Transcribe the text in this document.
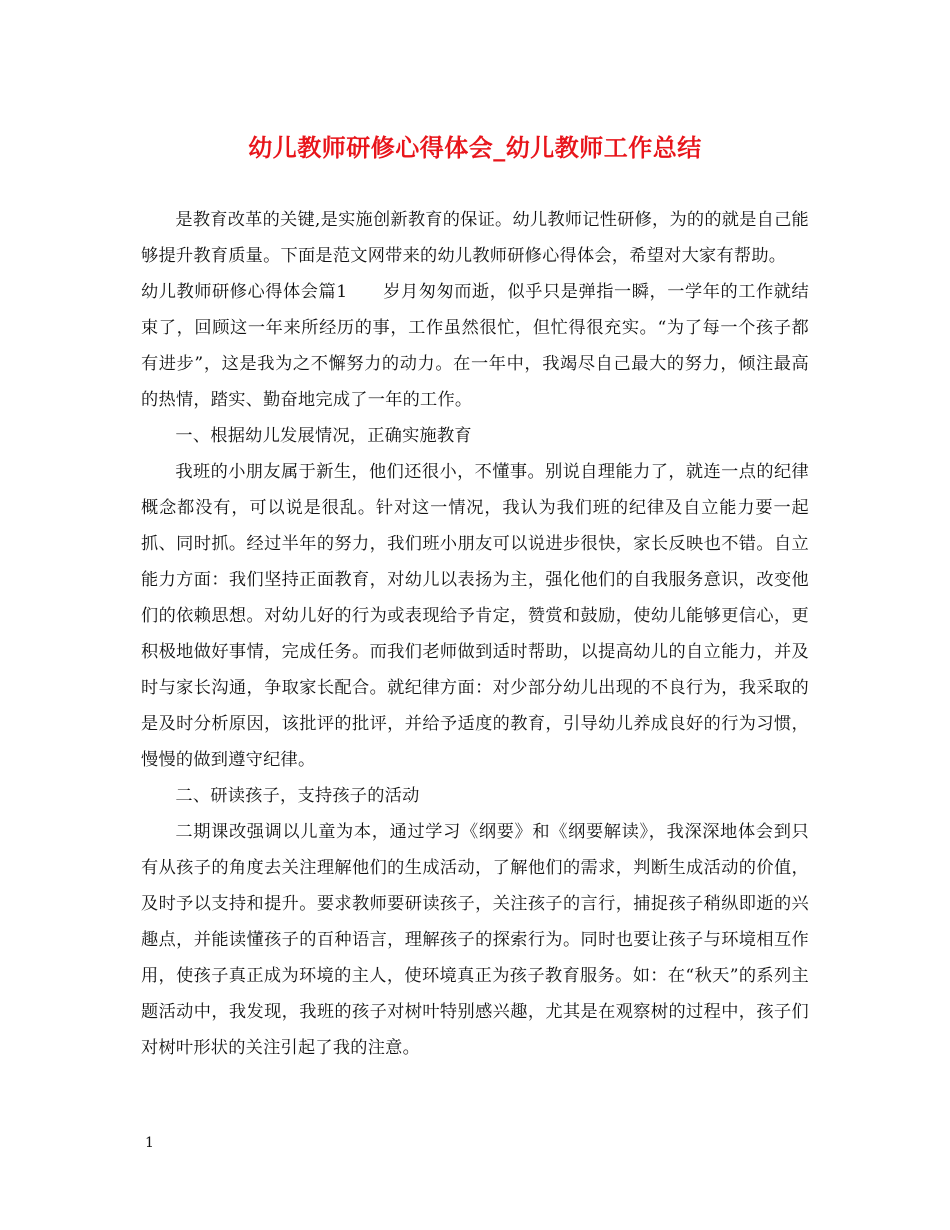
幼儿教师研修心得体会_幼儿教师工作总结

是教育改革的关键,是实施创新教育的保证。幼儿教师记性研修，为的的就是自己能够提升教育质量。下面是范文网带来的幼儿教师研修心得体会，希望对大家有帮助。

幼儿教师研修心得体会篇1　　岁月匆匆而逝，似乎只是弹指一瞬，一学年的工作就结束了，回顾这一年来所经历的事，工作虽然很忙，但忙得很充实。“为了每一个孩子都有进步”，这是我为之不懈努力的动力。在一年中，我竭尽自己最大的努力，倾注最高的热情，踏实、勤奋地完成了一年的工作。

一、根据幼儿发展情况，正确实施教育

我班的小朋友属于新生，他们还很小，不懂事。别说自理能力了，就连一点的纪律概念都没有，可以说是很乱。针对这一情况，我认为我们班的纪律及自立能力要一起抓、同时抓。经过半年的努力，我们班小朋友可以说进步很快，家长反映也不错。自立能力方面：我们坚持正面教育，对幼儿以表扬为主，强化他们的自我服务意识，改变他们的依赖思想。对幼儿好的行为或表现给予肯定，赞赏和鼓励，使幼儿能够更信心，更积极地做好事情，完成任务。而我们老师做到适时帮助，以提高幼儿的自立能力，并及时与家长沟通，争取家长配合。就纪律方面：对少部分幼儿出现的不良行为，我采取的是及时分析原因，该批评的批评，并给予适度的教育，引导幼儿养成良好的行为习惯，慢慢的做到遵守纪律。

二、研读孩子，支持孩子的活动

二期课改强调以儿童为本，通过学习《纲要》和《纲要解读》，我深深地体会到只有从孩子的角度去关注理解他们的生成活动，了解他们的需求，判断生成活动的价值，及时予以支持和提升。要求教师要研读孩子，关注孩子的言行，捕捉孩子稍纵即逝的兴趣点，并能读懂孩子的百种语言，理解孩子的探索行为。同时也要让孩子与环境相互作用，使孩子真正成为环境的主人，使环境真正为孩子教育服务。如：在“秋天”的系列主题活动中，我发现，我班的孩子对树叶特别感兴趣，尤其是在观察树的过程中，孩子们对树叶形状的关注引起了我的注意。

1
